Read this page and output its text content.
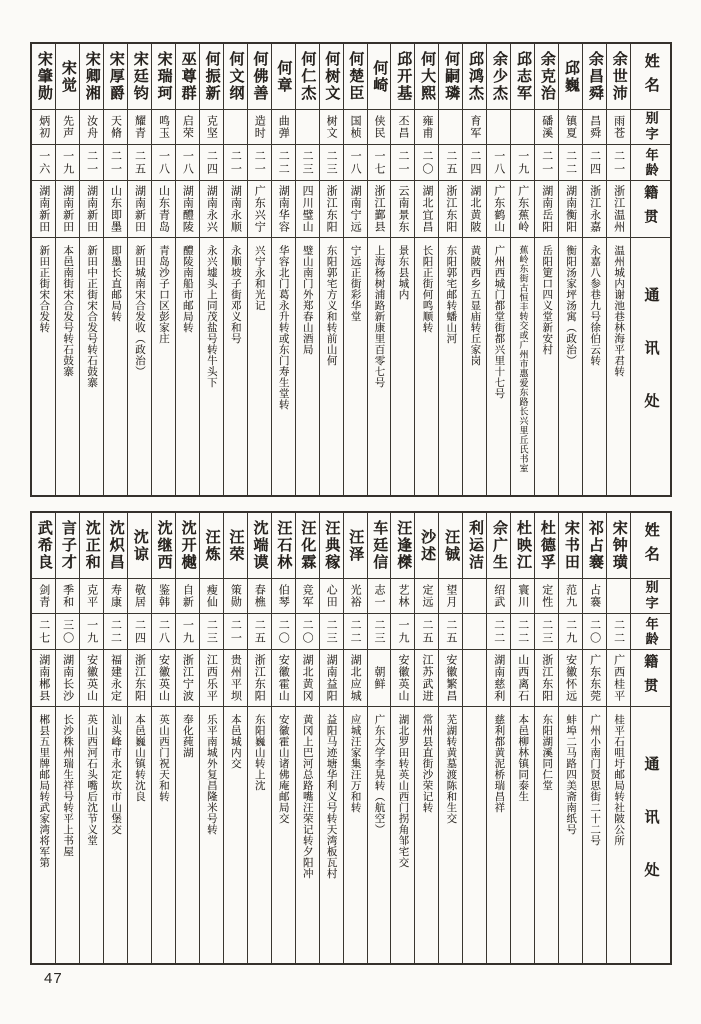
姓名
别字
年龄
籍贯
通讯处
余世沛
雨苍
二一
浙江温州
温州城内谢池巷林海平君转
余昌舜
昌舜
二四
浙江永嘉
永嘉八参巷九号徐伯云转
邱巍
镇夏
二二
湖南衡阳
衡阳汤家坪汤寓（政治）
余克治
磻溪
二一
湖南岳阳
岳阳筻口四义堂新安村
邱志军
一九
广东蕉岭
蕉岭东街古恒丰转交或广州市惠爱东路长兴里丘氏书室
余少杰
一八
广东鹤山
广州西城门都堂街都兴里十七号
邱鸿杰
育军
二四
湖北黄陂
黄陂西乡五显庙转丘家岗
何嗣璘
二五
浙江东阳
东阳郭宅邮转蟠山河
何大熙
雍甫
二〇
湖北宜昌
长阳正街何鸣顺转
邱开基
丕昌
二一
云南景东
景东县城内
何崎
侠民
一七
浙江鄞县
上海杨树浦路新康里百零七号
何楚臣
国桢
一八
湖南宁远
宁远正街彩华堂
何树文
树文
二三
浙江东阳
东阳郭宅方义和转前山何
何仁杰
二三
四川璧山
璧山南门外郑春山酒局
何章
曲弹
二二
湖南华容
华容北门葛永升转或东门寿生堂转
何佛善
造时
二一
广东兴宁
兴宁永和光记
何文纲
二一
湖南永顺
永顺坡子街邓义和号
何振新
克坚
二四
湖南永兴
永兴墟头上同茂盐号转牛头下
巫尊群
启荣
一八
湖南醴陵
醴陵南船市邮局转
宋瑞珂
鸣玉
一八
山东青岛
青岛沙子口区彭家庄
宋廷钧
耀青
二五
湖南新田
新田城南宋合发收（政治）
宋厚爵
天脩
二一
山东即墨
即墨长直邮局转
宋卿湘
汝舟
二一
湖南新田
新田中正街宋合发号转石鼓寨
宋觉
先声
一九
湖南新田
本邑南街宋合发号转石鼓寨
宋肇勋
炳初
一六
湖南新田
新田正街宋合发转
姓名
别字
年龄
籍贯
通讯处
宋钟璜
二二
广西桂平
桂平石咀圩邮局转社陂公所
祁占褰
占褰
二〇
广东东莞
广州小南门贤思街二十二号
宋书田
范九
二九
安徽怀远
蚌埠二马路四美斋南纸号
杜德孚
定性
二三
浙江东阳
东阳湖溪同仁堂
杜映江
寰川
二二
山西离石
本邑柳林镇同泰生
佘广生
绍武
二二
湖南慈利
慈利都黄泥桥瑞昌祥
利运洁
汪铖
望月
二五
安徽繁昌
芜湖转黄墓渡陈和生交
沙述
定远
二五
江苏武进
常州县直街沙荣记转
汪逢榤
艺林
一九
安徽英山
湖北罗田转英山西门拐角邹宅交
车廷信
志一
二三
朝鲜
广东大学李晃转（航空）
汪泽
光裕
二二
湖北应城
应城汪家集汪万和转
汪典稼
心田
二三
湖南益阳
益阳马迹塘华利义号转天湾板瓦村
汪化霖
竞军
二〇
湖北黄冈
黄冈上巴河总路嘴汪荣记转夕阳冲
汪石林
伯琴
二〇
安徽霍山
安徽霍山诸佛庵邮局交
沈端谟
春樵
二五
浙江东阳
东阳巍山转上沈
汪荣
策勋
二一
贵州平坝
本邑城内交
汪炼
瘦仙
二三
江西乐平
乐平南城外复昌隆米号转
沈开樾
自新
一九
浙江宁波
奉化莼湖
沈继西
鉴韩
二八
安徽英山
英山西门祝天和转
沈谅
敬居
二四
浙江东阳
本邑巍山镇转沈良
沈炽昌
寿康
二二
福建永定
汕头峰市永定坎市山堡交
沈正和
克平
一九
安徽英山
英山西河石头嘴后沈节义堂
言子才
季和
三〇
湖南长沙
长沙株州瑞生祥号转平上书屋
武希良
剑青
二七
湖南郴县
郴县五里牌邮局转武家湾将军第
47
